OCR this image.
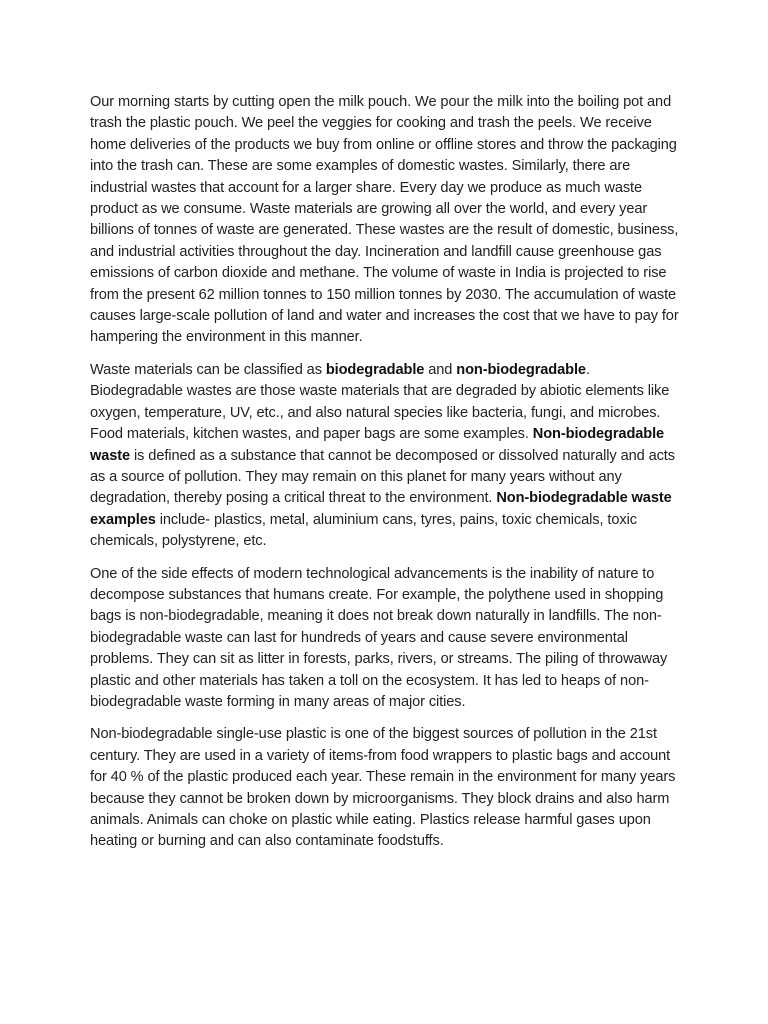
Our morning starts by cutting open the milk pouch. We pour the milk into the boiling pot and trash the plastic pouch. We peel the veggies for cooking and trash the peels. We receive home deliveries of the products we buy from online or offline stores and throw the packaging into the trash can. These are some examples of domestic wastes. Similarly, there are industrial wastes that account for a larger share. Every day we produce as much waste product as we consume. Waste materials are growing all over the world, and every year billions of tonnes of waste are generated. These wastes are the result of domestic, business, and industrial activities throughout the day. Incineration and landfill cause greenhouse gas emissions of carbon dioxide and methane. The volume of waste in India is projected to rise from the present 62 million tonnes to 150 million tonnes by 2030. The accumulation of waste causes large-scale pollution of land and water and increases the cost that we have to pay for hampering the environment in this manner.

Waste materials can be classified as biodegradable and non-biodegradable. Biodegradable wastes are those waste materials that are degraded by abiotic elements like oxygen, temperature, UV, etc., and also natural species like bacteria, fungi, and microbes. Food materials, kitchen wastes, and paper bags are some examples. Non-biodegradable waste is defined as a substance that cannot be decomposed or dissolved naturally and acts as a source of pollution. They may remain on this planet for many years without any degradation, thereby posing a critical threat to the environment. Non-biodegradable waste examples include- plastics, metal, aluminium cans, tyres, pains, toxic chemicals, toxic chemicals, polystyrene, etc.

One of the side effects of modern technological advancements is the inability of nature to decompose substances that humans create. For example, the polythene used in shopping bags is non-biodegradable, meaning it does not break down naturally in landfills. The non-biodegradable waste can last for hundreds of years and cause severe environmental problems. They can sit as litter in forests, parks, rivers, or streams. The piling of throwaway plastic and other materials has taken a toll on the ecosystem. It has led to heaps of non-biodegradable waste forming in many areas of major cities.

Non-biodegradable single-use plastic is one of the biggest sources of pollution in the 21st century. They are used in a variety of items-from food wrappers to plastic bags and account for 40 % of the plastic produced each year. These remain in the environment for many years because they cannot be broken down by microorganisms. They block drains and also harm animals. Animals can choke on plastic while eating. Plastics release harmful gases upon heating or burning and can also contaminate foodstuffs.
